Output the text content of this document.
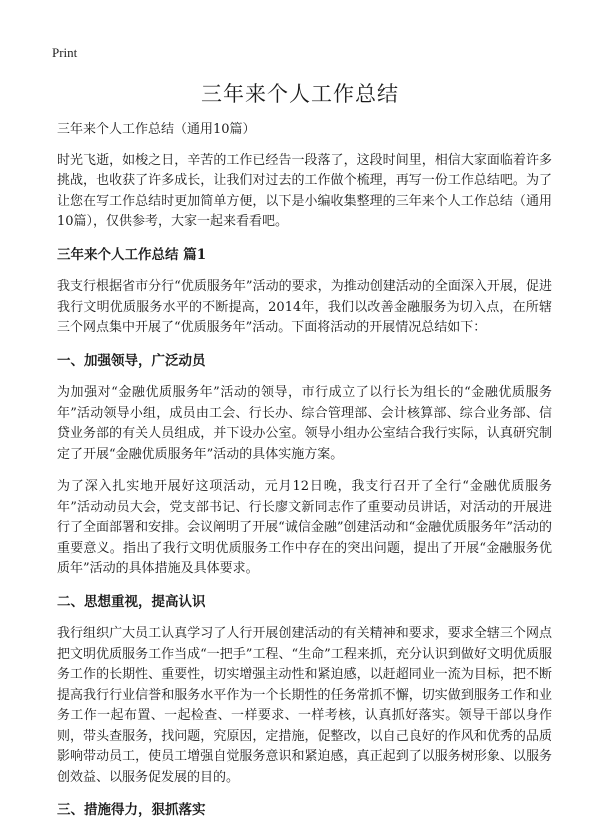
Print
三年来个人工作总结

三年来个人工作总结（通用10篇）

时光飞逝，如梭之日，辛苦的工作已经告一段落了，这段时间里，相信大家面临着许多挑战，也收获了许多成长，让我们对过去的工作做个梳理，再写一份工作总结吧。为了让您在写工作总结时更加简单方便，以下是小编收集整理的三年来个人工作总结（通用10篇），仅供参考，大家一起来看看吧。

三年来个人工作总结 篇1

我支行根据省市分行“优质服务年”活动的要求，为推动创建活动的全面深入开展，促进我行文明优质服务水平的不断提高，2014年，我们以改善金融服务为切入点，在所辖三个网点集中开展了“优质服务年”活动。下面将活动的开展情况总结如下：

一、加强领导，广泛动员

为加强对“金融优质服务年”活动的领导，市行成立了以行长为组长的“金融优质服务年”活动领导小组，成员由工会、行长办、综合管理部、会计核算部、综合业务部、信贷业务部的有关人员组成，并下设办公室。领导小组办公室结合我行实际，认真研究制定了开展“金融优质服务年”活动的具体实施方案。

为了深入扎实地开展好这项活动，元月12日晚，我支行召开了全行“金融优质服务年”活动动员大会，党支部书记、行长廖文新同志作了重要动员讲话，对活动的开展进行了全面部署和安排。会议阐明了开展“诚信金融”创建活动和“金融优质服务年”活动的重要意义。指出了我行文明优质服务工作中存在的突出问题，提出了开展“金融服务优质年”活动的具体措施及具体要求。

二、思想重视，提高认识

我行组织广大员工认真学习了人行开展创建活动的有关精神和要求，要求全辖三个网点把文明优质服务工作当成“一把手”工程、“生命”工程来抓，充分认识到做好文明优质服务工作的长期性、重要性，切实增强主动性和紧迫感，以赶超同业一流为目标，把不断提高我行行业信誉和服务水平作为一个长期性的任务常抓不懈，切实做到服务工作和业务工作一起布置、一起检查、一样要求、一样考核，认真抓好落实。领导干部以身作则，带头查服务，找问题，究原因，定措施，促整改，以自己良好的作风和优秀的品质影响带动员工，使员工增强自觉服务意识和紧迫感，真正起到了以服务树形象、以服务创效益、以服务促发展的目的。

三、措施得力，狠抓落实
